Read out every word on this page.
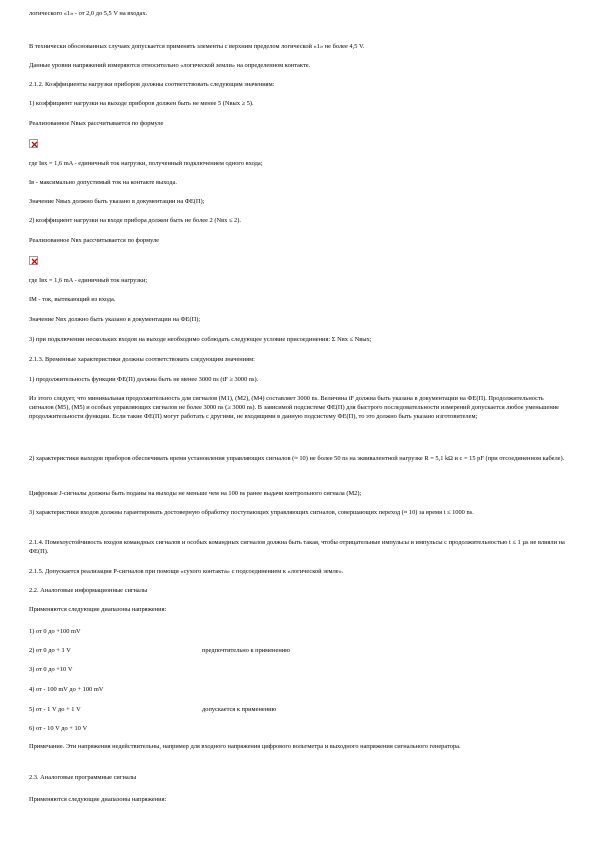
логического «1» - от 2,0 до 5,5 V на входах.
В технически обоснованных случаях допускается применять элементы с верхним пределом логической «1» не более 4,5 V.
Данные уровни напряжений измеряются относительно «логической земли» на определенном контакте.
2.1.2. Коэффициенты нагрузки приборов должны соответствовать следующим значениям:
1) коэффициент нагрузки на выходе приборов должен быть не менее 5 (Nвых ≥ 5).
Реализованное Nвых рассчитывается по формуле
где Iвх = 1,6 mA - единичный ток нагрузки, полученный подключением одного входа;
Iв - максимально допустимый ток на контакте выхода.
Значение Nвых должно быть указано в документации на ФЕ(П);
2) коэффициент нагрузки на входе прибора должен быть не более 2 (Nвх ≤ 2).
Реализованное Nвх рассчитывается по формуле
где Iвх = 1,6 mA - единичный ток нагрузки;
IМ - ток, вытекающий из входа.
Значение Nвх должно быть указано в документации на ФЕ(П);
3) при подключении нескольких входов на выходе необходимо соблюдать следующее условие присоединения: Σ Nвх ≤ Nвых;
2.1.3. Временные характеристики должны соответствовать следующим значениям:
1) продолжительность функции ФЕ(П) должна быть не менее 3000 ns (tF ≥ 3000 ns).
Из этого следует, что минимальная продолжительность для сигналов (М1), (М2), (М4) составляет 3000 ns. Величина tF должна быть указана в документации на ФЕ(П). Продолжительность сигналов (М5), (М5) и особых управляющих сигналов не более 3000 ns (≥ 3000 ns). В зависимой подсистеме ФЕ(П) для быстрого последовательности измерений допускается любое уменьшение продолжительности функции. Если такие ФЕ(П) могут работать с другими, не входящими в данную подсистему ФЕ(П), то это должно быть указано изготовителем;
2) характеристики выходов приборов обеспечивать время установления управляющих сигналов (≈ 10) не более 50 ns на эквивалентной нагрузке R = 5,1 kΩ и c = 15 pF (при отсоединенном кабеле).
Цифровые J-сигналы должны быть поданы на выходы не меньше чем на 100 ns ранее выдачи контрольного сигнала (М2);
3) характеристики входов должны гарантировать достоверную обработку поступающих управляющих сигналов, совершающих переход (≈ 10) за время t ≤ 1000 ns.
2.1.4. Помехоустойчивость входов командных сигналов и особых командных сигналов должна быть такая, чтобы отрицательные импульсы и импульсы с продолжительностью t ≤ 1 µs не влияли на ФЕ(П).
2.1.5. Допускается реализация Р-сигналов при помощи «сухого контакта» с подсоединением к «логической земле».
2.2. Аналоговые информационные сигналы
Применяются следующие диапазоны напряжения:
1) от 0 до +100 mV
2) от 0 до + 1 V	предпочтительно к применению
3) от 0 до +10 V
4) от - 100 mV до + 100 mV
5) от - 1 V до + 1 V	допускается к применению
6) от - 10 V до + 10 V
Примечание. Эти напряжения недействительны, например для входного напряжения цифрового вольтметра и выходного напряжения сигнального генератора.
2.3. Аналоговые программные сигналы
Применяются следующие диапазоны напряжения:
